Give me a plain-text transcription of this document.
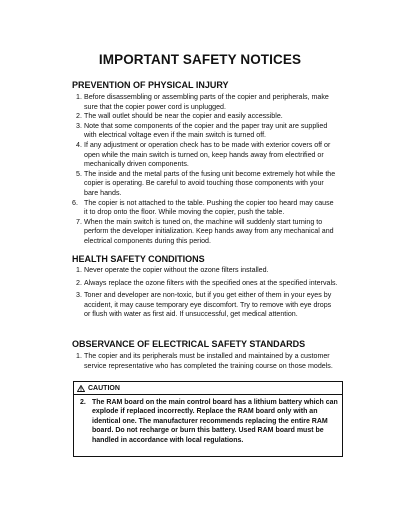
IMPORTANT SAFETY NOTICES
PREVENTION OF PHYSICAL INJURY
1. Before disassembling or assembling parts of the copier and peripherals, make sure that the copier power cord is unplugged.
2. The wall outlet should be near the copier and easily accessible.
3. Note that some components of the copier and the paper tray unit are supplied with electrical voltage even if the main switch is turned off.
4. If any adjustment or operation check has to be made with exterior covers off or open while the main switch is turned on, keep hands away from electrified or mechanically driven components.
5. The inside and the metal parts of the fusing unit become extremely hot while the copier is operating. Be careful to avoid touching those components with your bare hands.
6. The copier is not attached to the table. Pushing the copier too heard may cause it to drop onto the floor. While moving the copier, push the table.
7. When the main switch is tuned on, the machine will suddenly start turning to perform the developer initialization. Keep hands away from any mechanical and electrical components during this period.
HEALTH SAFETY CONDITIONS
1. Never operate the copier without the ozone filters installed.
2. Always replace the ozone filters with the specified ones at the specified intervals.
3. Toner and developer are non-toxic, but if you get either of them in your eyes by accident, it may cause temporary eye discomfort. Try to remove with eye drops or flush with water as first aid. If unsuccessful, get medical attention.
OBSERVANCE OF ELECTRICAL SAFETY STANDARDS
1. The copier and its peripherals must be installed and maintained by a customer service representative who has completed the training course on those models.
CAUTION
2. The RAM board on the main control board has a lithium battery which can explode if replaced incorrectly. Replace the RAM board only with an identical one. The manufacturer recommends replacing the entire RAM board. Do not recharge or burn this battery. Used RAM board must be handled in accordance with local regulations.
